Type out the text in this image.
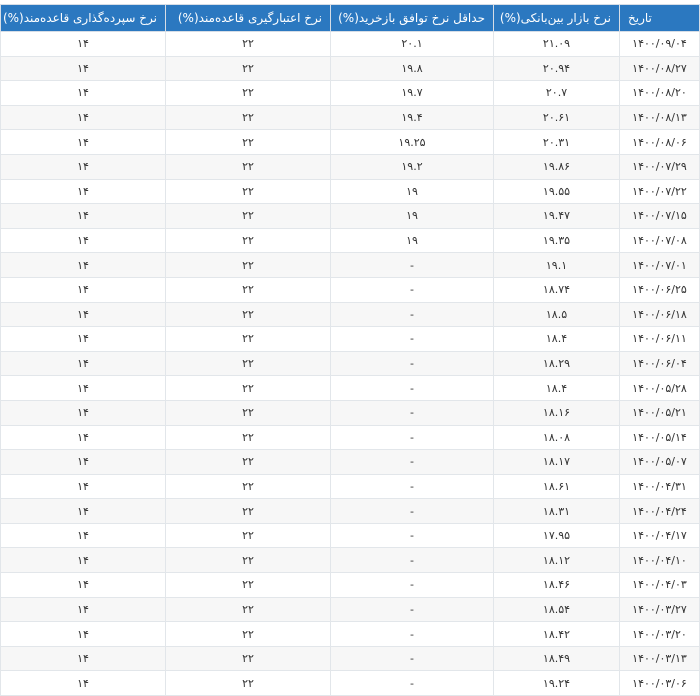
تاریخ	نرخ بازار بین‌بانکی(%)	حداقل نرخ توافق بازخرید(%)	نرخ اعتبارگیری قاعده‌مند(%)	نرخ سپرده‌گذاری قاعده‌مند(%)
۱۴۰۰/۰۹/۰۴	۲۱.۰۹	۲۰.۱	۲۲	۱۴
۱۴۰۰/۰۸/۲۷	۲۰.۹۴	۱۹.۸	۲۲	۱۴
۱۴۰۰/۰۸/۲۰	۲۰.۷	۱۹.۷	۲۲	۱۴
۱۴۰۰/۰۸/۱۳	۲۰.۶۱	۱۹.۴	۲۲	۱۴
۱۴۰۰/۰۸/۰۶	۲۰.۳۱	۱۹.۲۵	۲۲	۱۴
۱۴۰۰/۰۷/۲۹	۱۹.۸۶	۱۹.۲	۲۲	۱۴
۱۴۰۰/۰۷/۲۲	۱۹.۵۵	۱۹	۲۲	۱۴
۱۴۰۰/۰۷/۱۵	۱۹.۴۷	۱۹	۲۲	۱۴
۱۴۰۰/۰۷/۰۸	۱۹.۳۵	۱۹	۲۲	۱۴
۱۴۰۰/۰۷/۰۱	۱۹.۱	-	۲۲	۱۴
۱۴۰۰/۰۶/۲۵	۱۸.۷۴	-	۲۲	۱۴
۱۴۰۰/۰۶/۱۸	۱۸.۵	-	۲۲	۱۴
۱۴۰۰/۰۶/۱۱	۱۸.۴	-	۲۲	۱۴
۱۴۰۰/۰۶/۰۴	۱۸.۲۹	-	۲۲	۱۴
۱۴۰۰/۰۵/۲۸	۱۸.۴	-	۲۲	۱۴
۱۴۰۰/۰۵/۲۱	۱۸.۱۶	-	۲۲	۱۴
۱۴۰۰/۰۵/۱۴	۱۸.۰۸	-	۲۲	۱۴
۱۴۰۰/۰۵/۰۷	۱۸.۱۷	-	۲۲	۱۴
۱۴۰۰/۰۴/۳۱	۱۸.۶۱	-	۲۲	۱۴
۱۴۰۰/۰۴/۲۴	۱۸.۳۱	-	۲۲	۱۴
۱۴۰۰/۰۴/۱۷	۱۷.۹۵	-	۲۲	۱۴
۱۴۰۰/۰۴/۱۰	۱۸.۱۲	-	۲۲	۱۴
۱۴۰۰/۰۴/۰۳	۱۸.۴۶	-	۲۲	۱۴
۱۴۰۰/۰۳/۲۷	۱۸.۵۴	-	۲۲	۱۴
۱۴۰۰/۰۳/۲۰	۱۸.۴۲	-	۲۲	۱۴
۱۴۰۰/۰۳/۱۳	۱۸.۴۹	-	۲۲	۱۴
۱۴۰۰/۰۳/۰۶	۱۹.۲۴	-	۲۲	۱۴
